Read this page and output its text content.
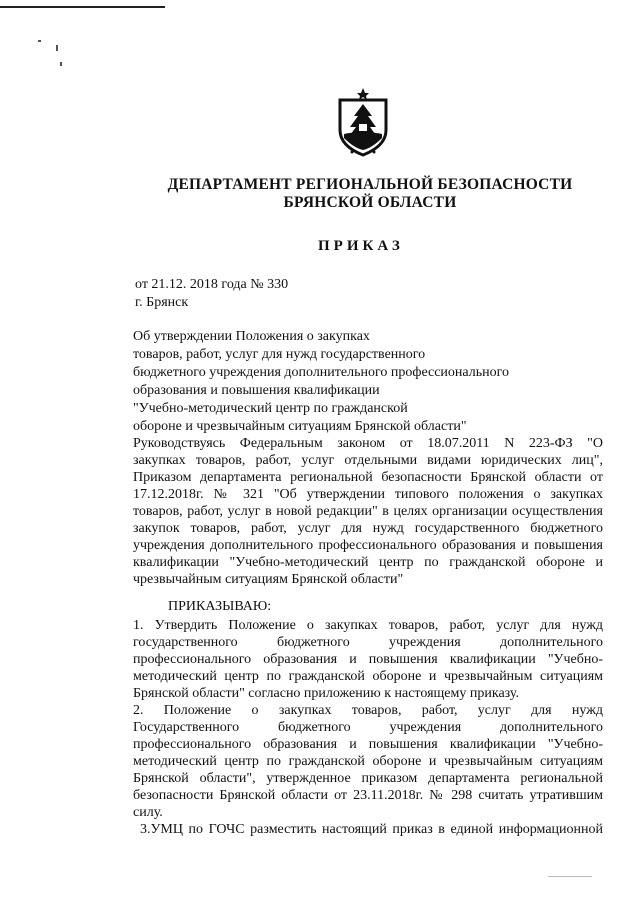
ДЕПАРТАМЕНТ РЕГИОНАЛЬНОЙ БЕЗОПАСНОСТИ
БРЯНСКОЙ ОБЛАСТИ
ПРИКАЗ
от 21.12. 2018 года № 330
г. Брянск
Об утверждении Положения о закупках
товаров, работ, услуг для нужд государственного
бюджетного учреждения дополнительного профессионального
образования и повышения квалификации
"Учебно-методический центр по гражданской
обороне и чрезвычайным ситуациям Брянской области"
Руководствуясь Федеральным законом от 18.07.2011 N 223-ФЗ "О
закупках товаров, работ, услуг отдельными видами юридических лиц",
Приказом департамента региональной безопасности Брянской области от
17.12.2018г. № 321 "Об утверждении типового положения о закупках
товаров, работ, услуг в новой редакции" в целях организации осуществления
закупок товаров, работ, услуг для нужд государственного бюджетного
учреждения дополнительного профессионального образования и повышения
квалификации "Учебно-методический центр по гражданской обороне и
чрезвычайным ситуациям Брянской области"
ПРИКАЗЫВАЮ:
1. Утвердить Положение о закупках товаров, работ, услуг для нужд
государственного бюджетного учреждения дополнительного
профессионального образования и повышения квалификации "Учебно-
методический центр по гражданской обороне и чрезвычайным ситуациям
Брянской области" согласно приложению к настоящему приказу.
2. Положение о закупках товаров, работ, услуг для нужд
Государственного бюджетного учреждения дополнительного
профессионального образования и повышения квалификации "Учебно-
методический центр по гражданской обороне и чрезвычайным ситуациям
Брянской области", утвержденное приказом департамента региональной
безопасности Брянской области от 23.11.2018г. № 298 считать утратившим
силу.
3.УМЦ по ГОЧС разместить настоящий приказ в единой информационной
